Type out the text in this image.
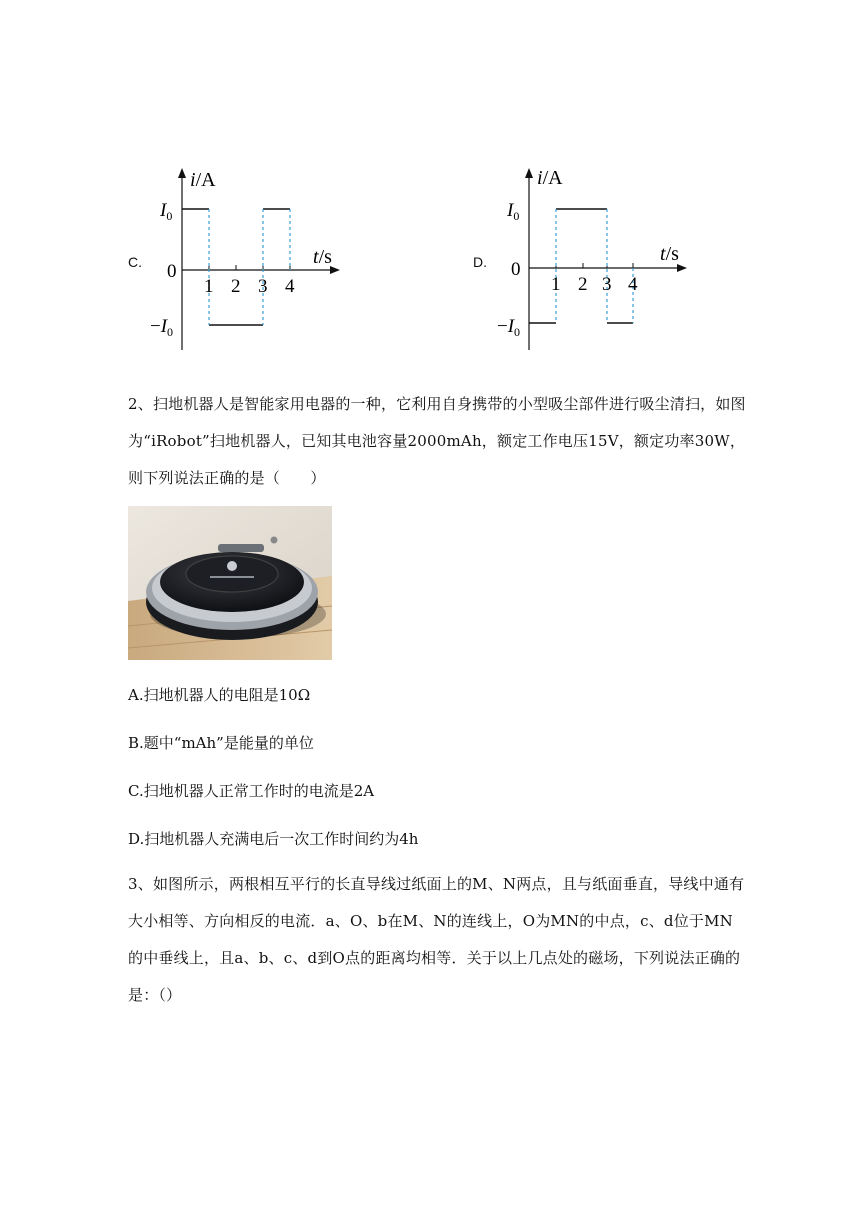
C.
i/A
t/s
0
$I_0$
$-I_0$
1 2 3 4
D.
i/A
t/s
0
$I_0$
$-I_0$
1 2 3 4
2、扫地机器人是智能家用电器的一种，它利用自身携带的小型吸尘部件进行吸尘清扫，如图为“iRobot”扫地机器人，已知其电池容量2000mAh，额定工作电压15V，额定功率30W，则下列说法正确的是（　　）
A.扫地机器人的电阻是10Ω
B.题中“mAh”是能量的单位
C.扫地机器人正常工作时的电流是2A
D.扫地机器人充满电后一次工作时间约为4h
3、如图所示，两根相互平行的长直导线过纸面上的M、N两点，且与纸面垂直，导线中通有大小相等、方向相反的电流．a、O、b在M、N的连线上，O为MN的中点，c、d位于MN的中垂线上，且a、b、c、d到O点的距离均相等．关于以上几点处的磁场，下列说法正确的是：（）
